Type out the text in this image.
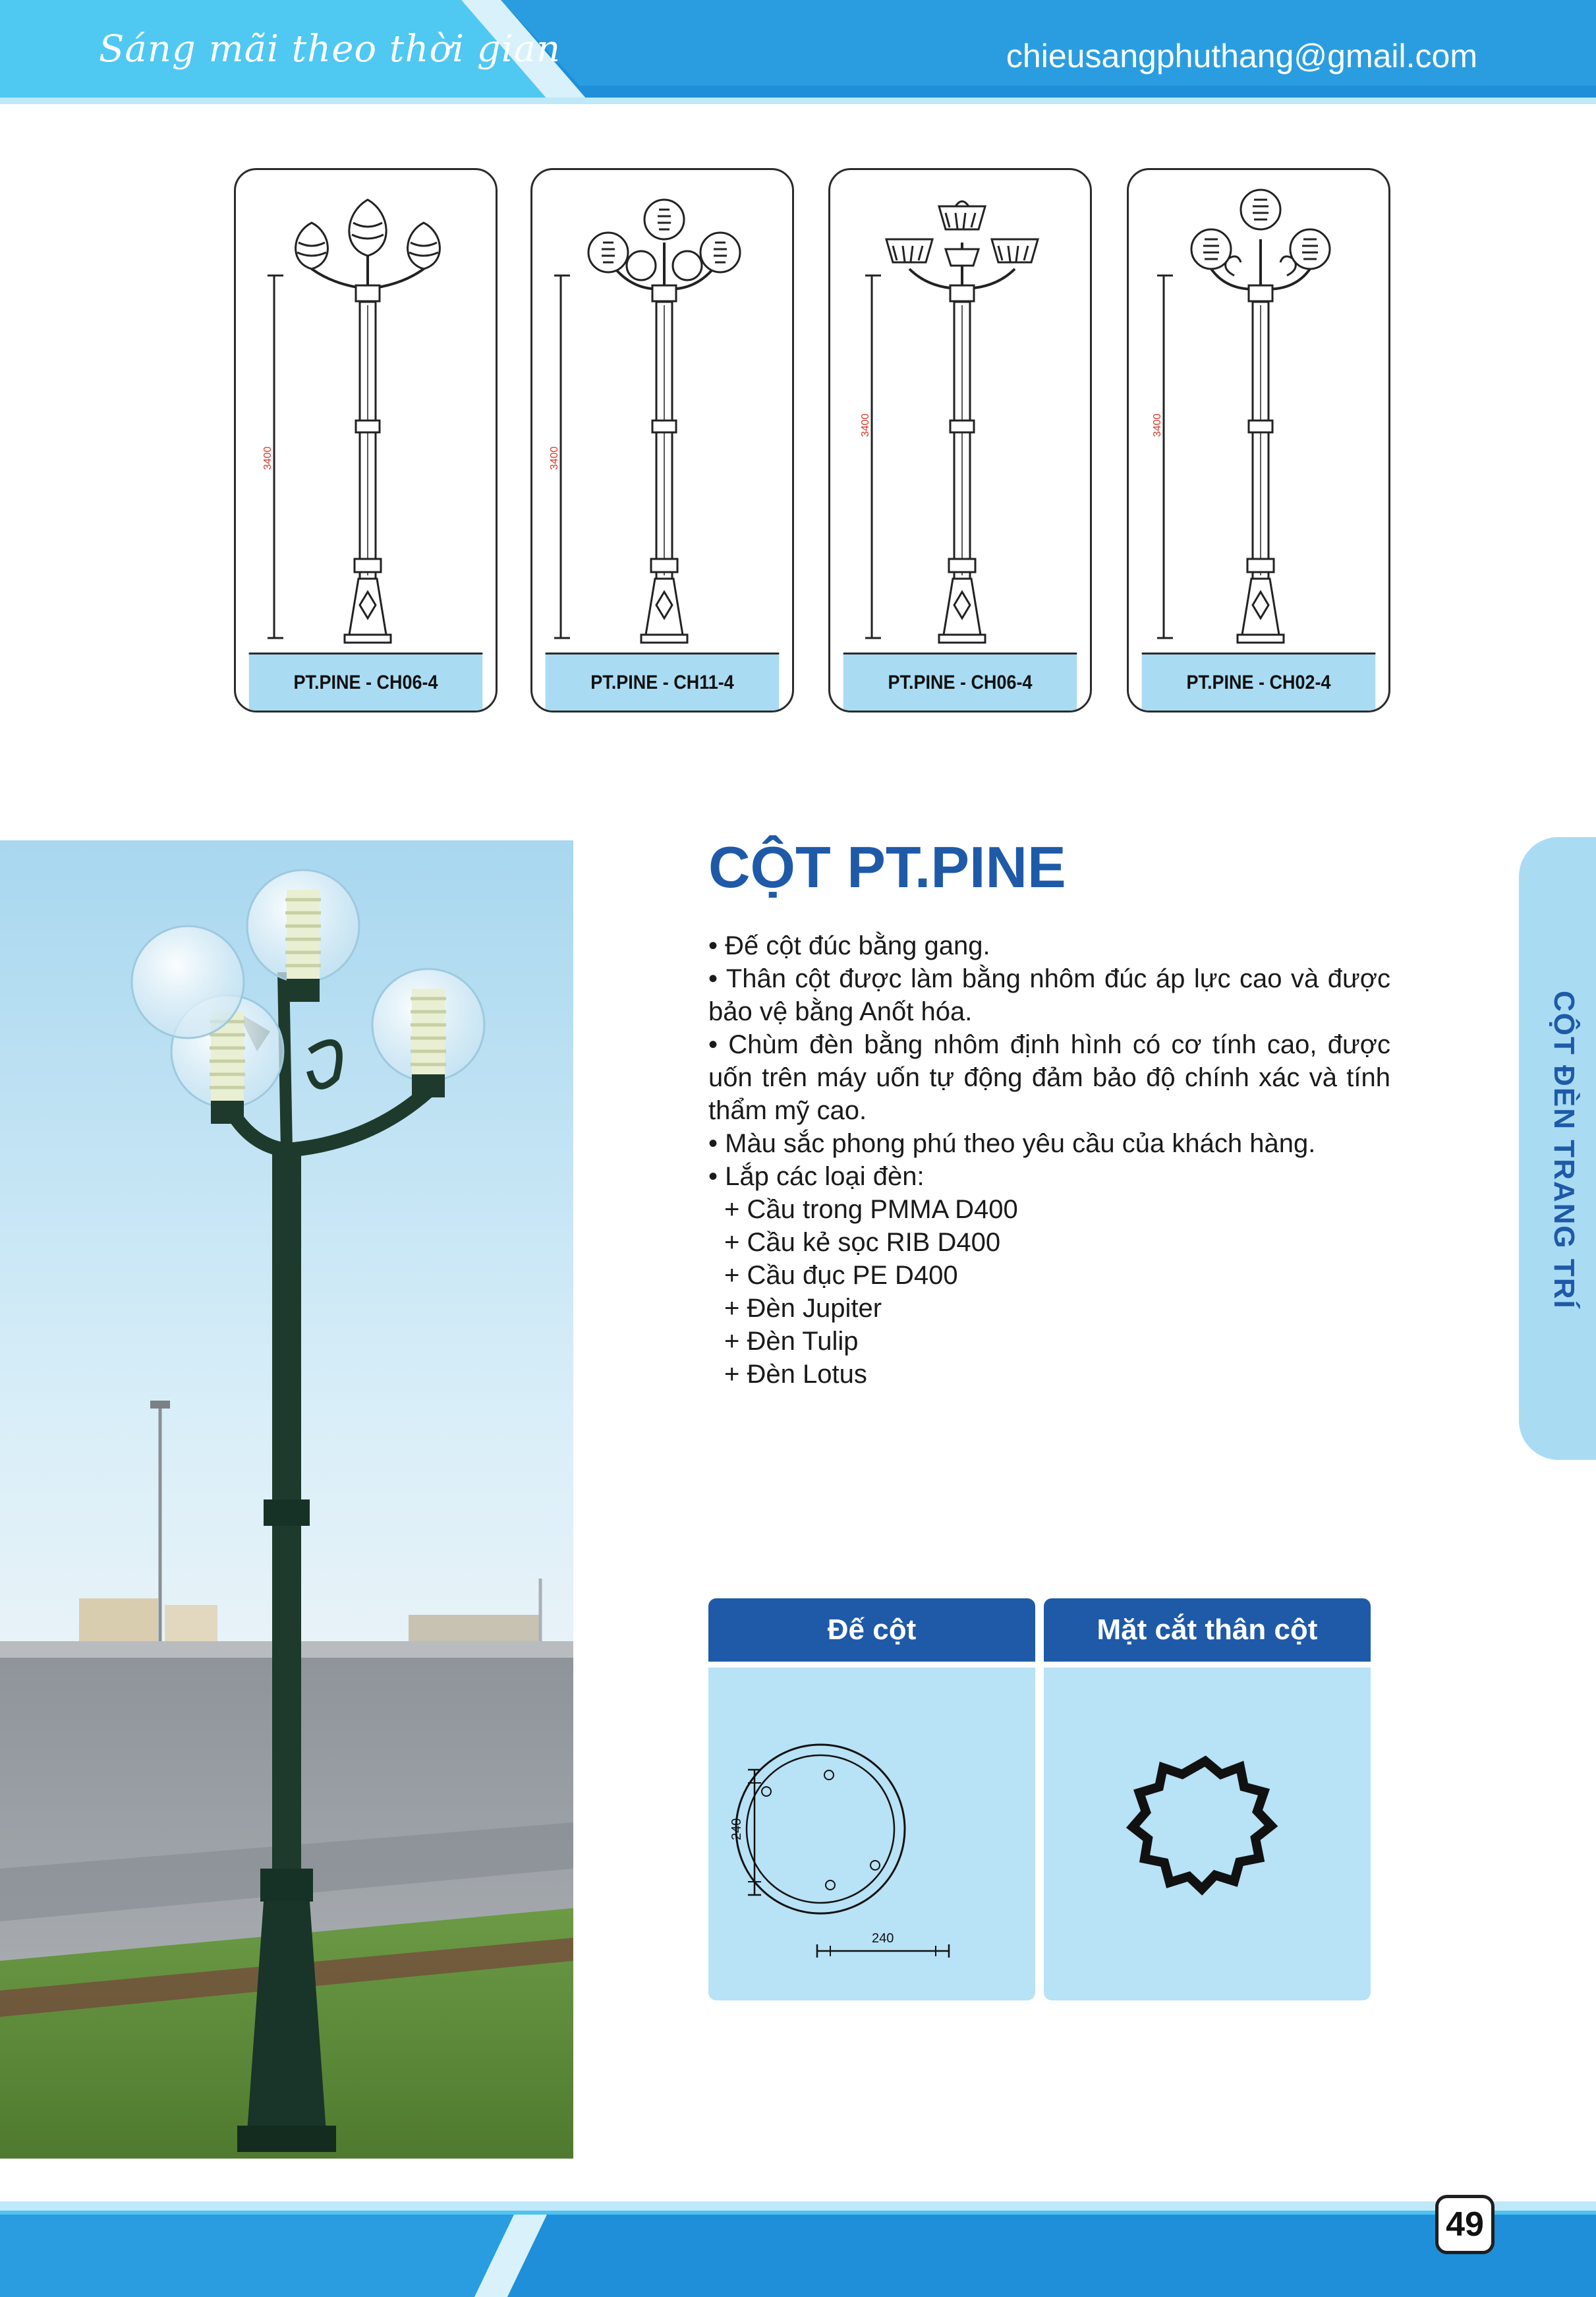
Sáng mãi theo thời gian	chieusangphuthang@gmail.com
3400
PT.PINE - CH06-4
3400
PT.PINE - CH11-4
3400
PT.PINE - CH06-4
3400
PT.PINE - CH02-4
CỘT PT.PINE

• Đế cột đúc bằng gang.

• Thân cột được làm bằng nhôm đúc áp lực cao và được bảo vệ bằng Anốt hóa.

• Chùm đèn bằng nhôm định hình có cơ tính cao, được uốn trên máy uốn tự động đảm bảo độ chính xác và tính thẩm mỹ cao.

• Màu sắc phong phú theo yêu cầu của khách hàng.

• Lắp các loại đèn:

+ Cầu trong PMMA D400

+ Cầu kẻ sọc RIB D400

+ Cầu đục PE D400

+ Đèn Jupiter

+ Đèn Tulip

+ Đèn Lotus

CỘT ĐÈN TRANG TRÍ
Đế cột
240
240
Mặt cắt thân cột
49
